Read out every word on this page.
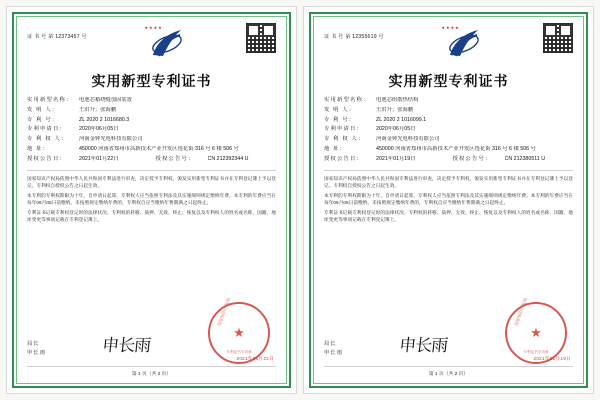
证 书 号 第 12373457 号
★★★★
实用新型专利证书
实用新型名称：	电池芯箱绕缝加固装置
发 明 人：	王洪升；张海鹏
专 利 号：	ZL 2020 2 1016680.3
专利申请日：	2020年06月05日
专 利 权 人：	河南金钟光电科技有限公司
地 址：	450000 河南省郑州市高新技术产业开发区莲花街 316 号 6 楼 506 号
授权公告日：	2021年01月22日	授权公告号：	CN 212392344 U

国家知识产权局依照中华人民共和国专利法进行审查，决定授予专利权，颁发实用新型专利证书并在专利登记簿上予以登记。专利权自授权公告之日起生效。

本专利的专利权期限为十年，自申请日起算。专利权人应当依照专利法及其实施细则规定缴纳年费。本专利的年费应当在每年06月05日前缴纳。未按照规定缴纳年费的，专利权自应当缴纳年费期满之日起终止。

专利证书记载专利权登记时的法律状况。专利权的转移、质押、无效、终止、恢复以及专利权人的姓名或名称、国籍、地址变更等事项记载在专利登记簿上。

局长
申长雨	申长雨
★
国家知识产权局
专利证书专用章
2021年01月22日
第 1 页（共 2 页）
证 书 号 第 12355619 号
★★★★
实用新型专利证书
实用新型名称：	电池芯组散热结构
发 明 人：	王洪升；张海鹏
专 利 号：	ZL 2020 2 1016099.1
专利申请日：	2020年06月05日
专 利 权 人：	河南金钟光电科技有限公司
地 址：	450000 河南省郑州市高新技术产业开发区莲花街 316 号 6 楼 506 号
授权公告日：	2021年01月19日	授权公告号：	CN 212380511 U

国家知识产权局依照中华人民共和国专利法进行审查，决定授予专利权，颁发实用新型专利证书并在专利登记簿上予以登记。专利权自授权公告之日起生效。

本专利的专利权期限为十年，自申请日起算。专利权人应当依照专利法及其实施细则规定缴纳年费。本专利的年费应当在每年06月05日前缴纳。未按照规定缴纳年费的，专利权自应当缴纳年费期满之日起终止。

专利证书记载专利权登记时的法律状况。专利权的转移、质押、无效、终止、恢复以及专利权人的姓名或名称、国籍、地址变更等事项记载在专利登记簿上。

局长
申长雨	申长雨
★
国家知识产权局
专利证书专用章
2021年01月19日
第 1 页（共 2 页）
